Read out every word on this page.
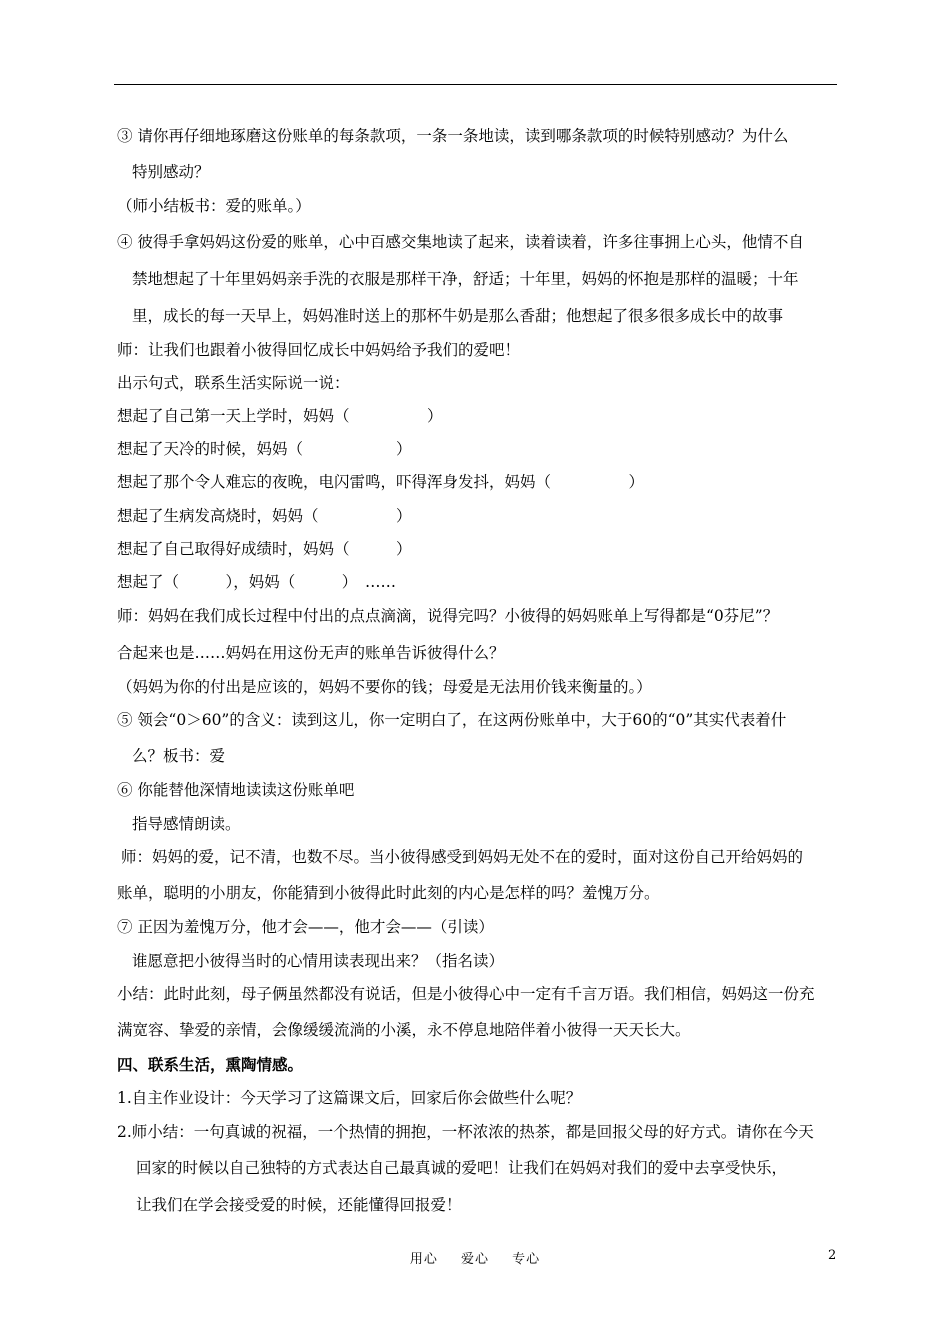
③ 请你再仔细地琢磨这份账单的每条款项，一条一条地读，读到哪条款项的时候特别感动？为什么
特别感动？
（师小结板书：爱的账单。）
④ 彼得手拿妈妈这份爱的账单，心中百感交集地读了起来，读着读着，许多往事拥上心头，他情不自
禁地想起了十年里妈妈亲手洗的衣服是那样干净，舒适；十年里，妈妈的怀抱是那样的温暖；十年
里，成长的每一天早上，妈妈准时送上的那杯牛奶是那么香甜；他想起了很多很多成长中的故事
师：让我们也跟着小彼得回忆成长中妈妈给予我们的爱吧！
出示句式，联系生活实际说一说：
想起了自己第一天上学时，妈妈（　　　　　）
想起了天冷的时候，妈妈（　　　　　　）
想起了那个令人难忘的夜晚，电闪雷鸣，吓得浑身发抖，妈妈（　　　　　）
想起了生病发高烧时，妈妈（　　　　　）
想起了自己取得好成绩时，妈妈（　　　）
想起了（　　　），妈妈（　　　）　……
师：妈妈在我们成长过程中付出的点点滴滴，说得完吗？小彼得的妈妈账单上写得都是“0芬尼”？
合起来也是……妈妈在用这份无声的账单告诉彼得什么？
（妈妈为你的付出是应该的，妈妈不要你的钱；母爱是无法用价钱来衡量的。）
⑤ 领会“0＞60”的含义：读到这儿，你一定明白了，在这两份账单中，大于60的“0”其实代表着什
么？板书：爱
⑥ 你能替他深情地读读这份账单吧
指导感情朗读。
师：妈妈的爱，记不清，也数不尽。当小彼得感受到妈妈无处不在的爱时，面对这份自己开给妈妈的
账单，聪明的小朋友，你能猜到小彼得此时此刻的内心是怎样的吗？羞愧万分。
⑦ 正因为羞愧万分，他才会——，他才会——（引读）
谁愿意把小彼得当时的心情用读表现出来？（指名读）
小结：此时此刻，母子俩虽然都没有说话，但是小彼得心中一定有千言万语。我们相信，妈妈这一份充
满宽容、挚爱的亲情，会像缓缓流淌的小溪，永不停息地陪伴着小彼得一天天长大。
四、联系生活，熏陶情感。
1.自主作业设计：今天学习了这篇课文后，回家后你会做些什么呢？
2.师小结：一句真诚的祝福，一个热情的拥抱，一杯浓浓的热茶，都是回报父母的好方式。请你在今天
回家的时候以自己独特的方式表达自己最真诚的爱吧！让我们在妈妈对我们的爱中去享受快乐，
让我们在学会接受爱的时候，还能懂得回报爱！
用心 爱心 专心	2
